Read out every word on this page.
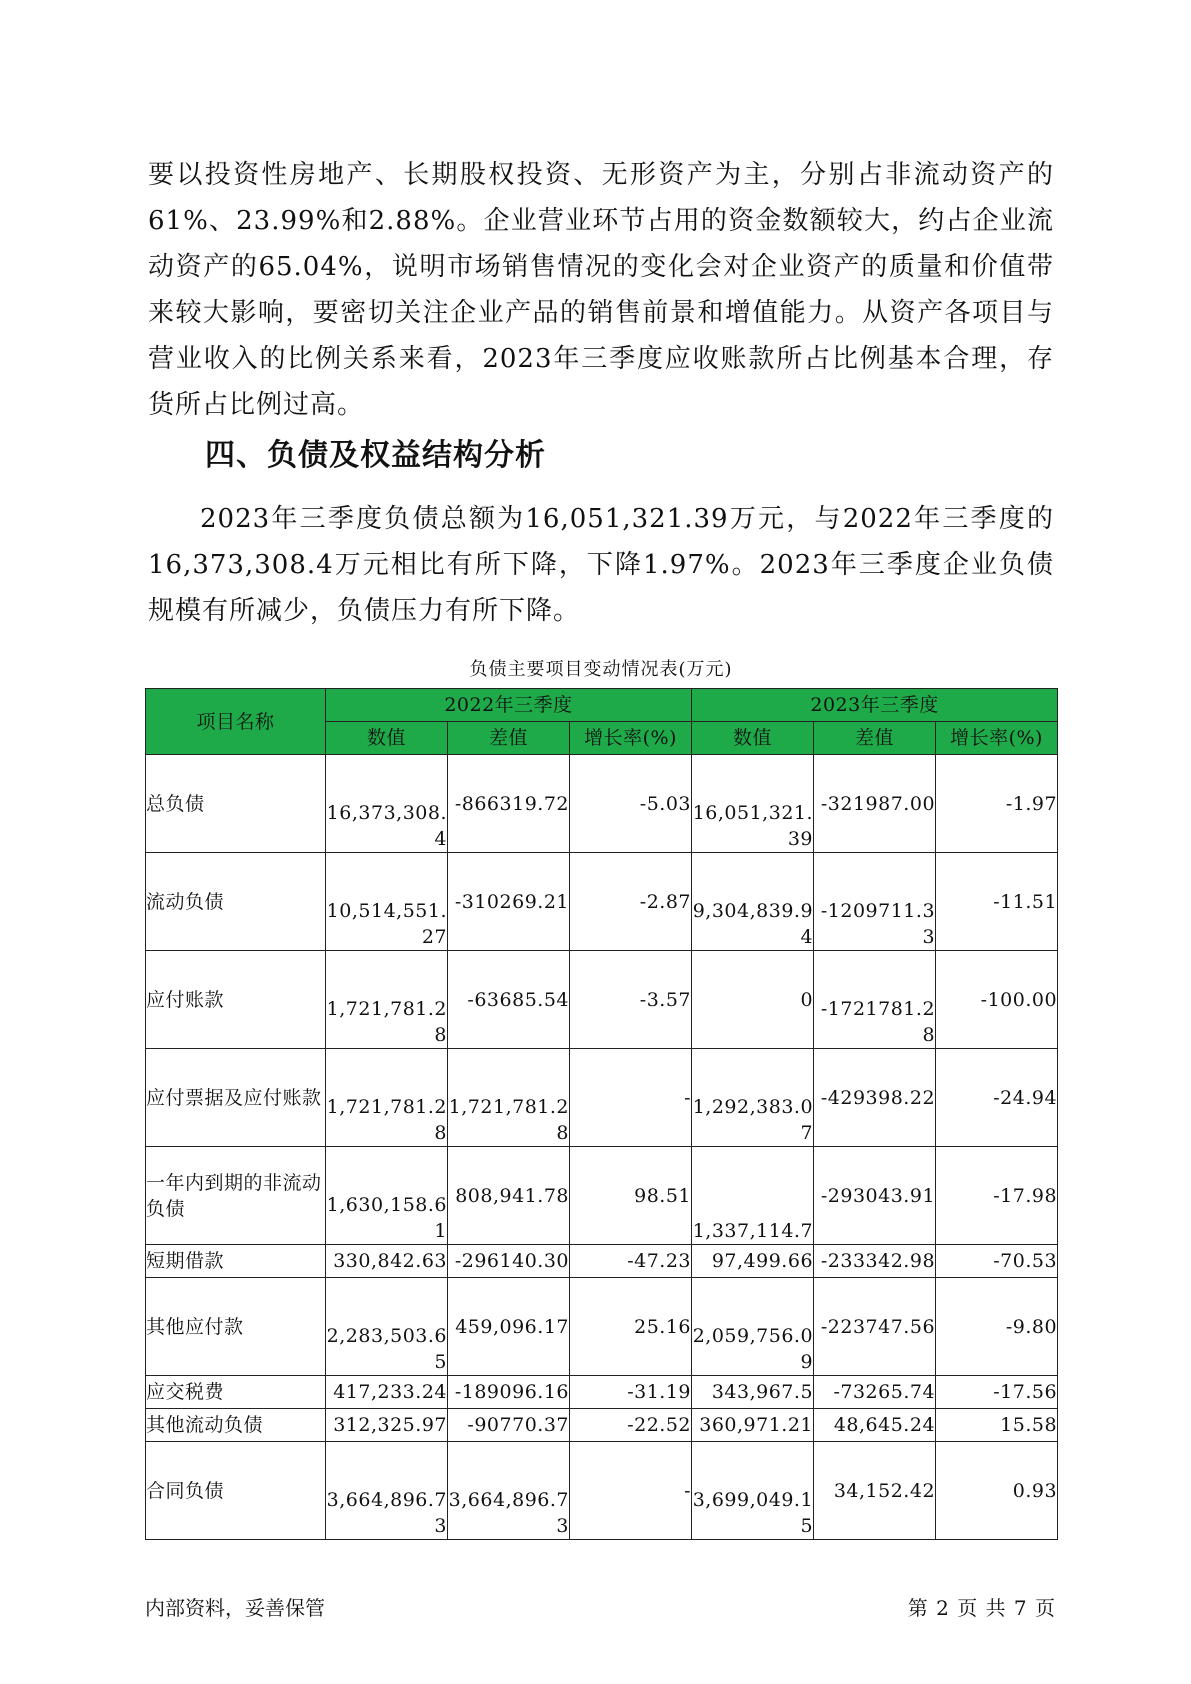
要以投资性房地产、长期股权投资、无形资产为主，分别占非流动资产的61%、23.99%和2.88%。企业营业环节占用的资金数额较大，约占企业流动资产的65.04%，说明市场销售情况的变化会对企业资产的质量和价值带来较大影响，要密切关注企业产品的销售前景和增值能力。从资产各项目与营业收入的比例关系来看，2023年三季度应收账款所占比例基本合理，存货所占比例过高。

四、负债及权益结构分析

2023年三季度负债总额为16,051,321.39万元，与2022年三季度的16,373,308.4万元相比有所下降，下降1.97%。2023年三季度企业负债规模有所减少，负债压力有所下降。

负债主要项目变动情况表(万元)
项目名称	2022年三季度			2023年三季度		
	数值	差值	增长率(%)	数值	差值	增长率(%)
总负债	16,373,308.4	-866319.72	-5.03	16,051,321.39	-321987.00	-1.97
流动负债	10,514,551.27	-310269.21	-2.87	9,304,839.94	-1209711.33	-11.51
应付账款	1,721,781.28	-63685.54	-3.57	0	-1721781.28	-100.00
应付票据及应付账款	1,721,781.28	1,721,781.28	-	1,292,383.07	-429398.22	-24.94
一年内到期的非流动负债	1,630,158.61	808,941.78	98.51	1,337,114.7	-293043.91	-17.98
短期借款	330,842.63	-296140.30	-47.23	97,499.66	-233342.98	-70.53
其他应付款	2,283,503.65	459,096.17	25.16	2,059,756.09	-223747.56	-9.80
应交税费	417,233.24	-189096.16	-31.19	343,967.5	-73265.74	-17.56
其他流动负债	312,325.97	-90770.37	-22.52	360,971.21	48,645.24	15.58
合同负债	3,664,896.73	3,664,896.73	-	3,699,049.15	34,152.42	0.93
内部资料，妥善保管	第 2 页 共 7 页
